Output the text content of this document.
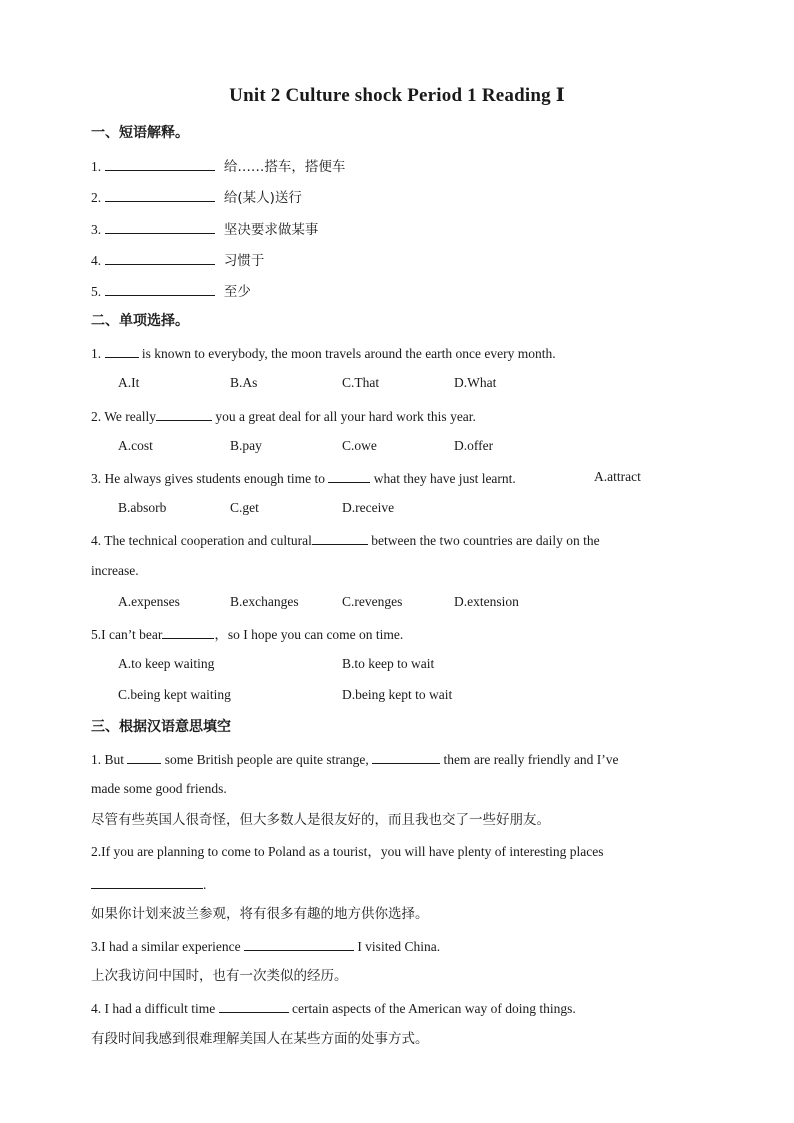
Unit 2 Culture shock Period 1 Reading Ⅰ
一、短语解释。
1.	给……搭车，搭便车
2.	给(某人)送行
3.	坚决要求做某事
4.	习惯于
5.	至少
二、单项选择。
1.	is known to everybody, the moon travels around the earth once every month.
A.It	B.As	C.That	D.What
2. We really	you a great deal for all your hard work this year.
A.cost	B.pay	C.owe	D.offer
3. He always gives students enough time to	what they have just learnt.	A.attract
B.absorb	C.get	D.receive
4. The technical cooperation and cultural	between the two countries are daily on the
increase.
A.expenses	B.exchanges	C.revenges	D.extension
5.I can’t bear	，so I hope you can come on time.
A.to keep waiting	B.to keep to wait
C.being kept waiting	D.being kept to wait
三、根据汉语意思填空
1. But	some British people are quite strange,	them are really friendly and I’ve
made some good friends.
尽管有些英国人很奇怪，但大多数人是很友好的，而且我也交了一些好朋友。
2.If you are planning to come to Poland as a tourist，you will have plenty of interesting places
.
如果你计划来波兰参观，将有很多有趣的地方供你选择。
3.I had a similar experience	I visited China.
上次我访问中国时，也有一次类似的经历。
4. I had a difficult time	certain aspects of the American way of doing things.
有段时间我感到很难理解美国人在某些方面的处事方式。
